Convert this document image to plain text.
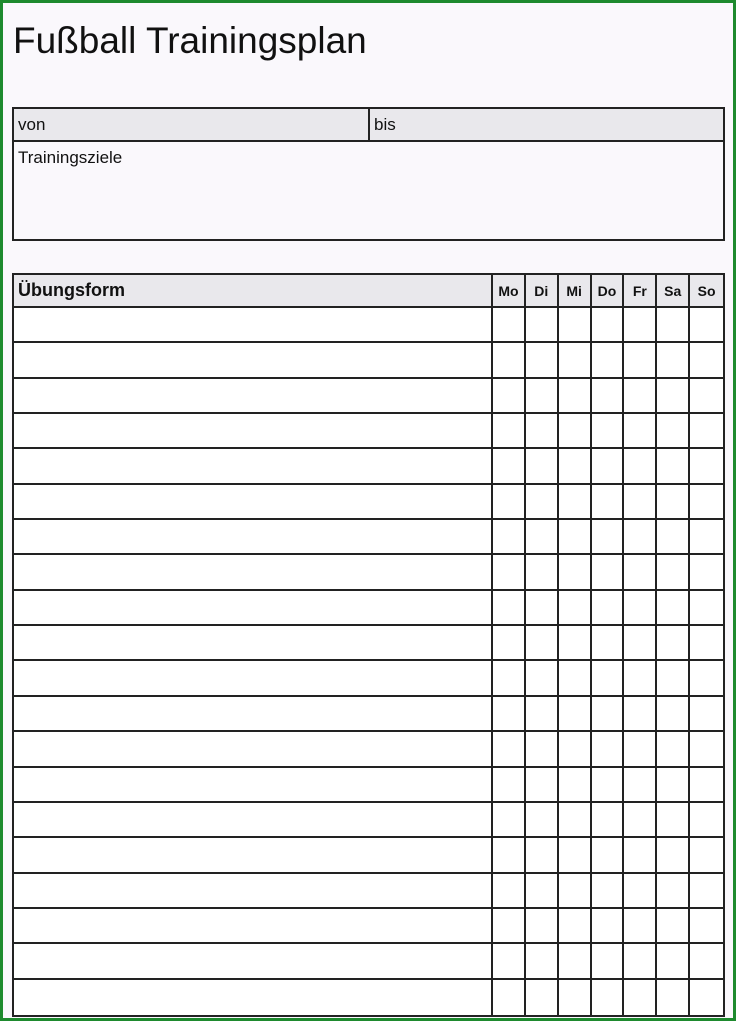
Fußball Trainingsplan
von	bis
Trainingsziele
Übungsform	Mo	Di	Mi	Do	Fr	Sa	So
